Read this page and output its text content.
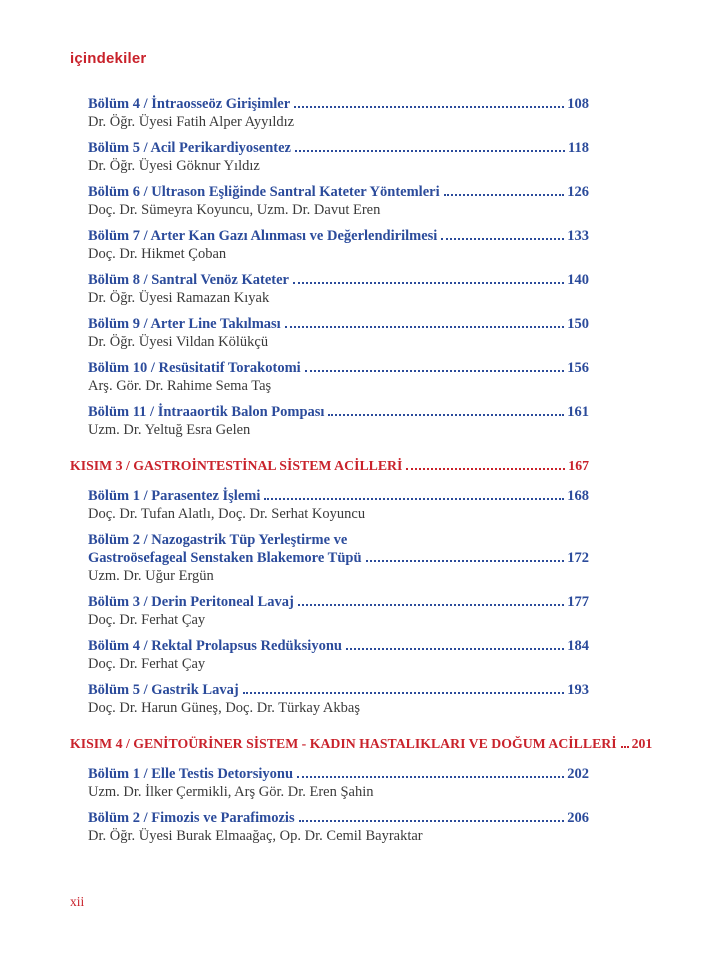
içindekiler
Bölüm 4 / İntraosseöz Girişimler	108
Dr. Öğr. Üyesi Fatih Alper Ayyıldız
Bölüm 5 / Acil Perikardiyosentez	118
Dr. Öğr. Üyesi Göknur Yıldız
Bölüm 6 / Ultrason Eşliğinde Santral Kateter Yöntemleri	126
Doç. Dr. Sümeyra Koyuncu, Uzm. Dr. Davut Eren
Bölüm 7 / Arter Kan Gazı Alınması ve Değerlendirilmesi	133
Doç. Dr. Hikmet Çoban
Bölüm 8 / Santral Venöz Kateter	140
Dr. Öğr. Üyesi Ramazan Kıyak
Bölüm 9 / Arter Line Takılması	150
Dr. Öğr. Üyesi Vildan Kölükçü
Bölüm 10 / Resüsitatif Torakotomi	156
Arş. Gör. Dr. Rahime Sema Taş
Bölüm 11 / İntraaortik Balon Pompası	161
Uzm. Dr. Yeltuğ Esra Gelen
KISIM 3 / GASTROİNTESTİNAL SİSTEM ACİLLERİ	167
Bölüm 1 / Parasentez İşlemi	168
Doç. Dr. Tufan Alatlı, Doç. Dr. Serhat Koyuncu
Bölüm 2 / Nazogastrik Tüp Yerleştirme ve
Gastroösefageal Senstaken Blakemore Tüpü	172
Uzm. Dr. Uğur Ergün
Bölüm 3 / Derin Peritoneal Lavaj	177
Doç. Dr. Ferhat Çay
Bölüm 4 / Rektal Prolapsus Redüksiyonu	184
Doç. Dr. Ferhat Çay
Bölüm 5 / Gastrik Lavaj	193
Doç. Dr. Harun Güneş, Doç. Dr. Türkay Akbaş
KISIM 4 / GENİTOÜRİNER SİSTEM - KADIN HASTALIKLARI VE DOĞUM ACİLLERİ 201
Bölüm 1 / Elle Testis Detorsiyonu	202
Uzm. Dr. İlker Çermikli, Arş Gör. Dr. Eren Şahin
Bölüm 2 / Fimozis ve Parafimozis	206
Dr. Öğr. Üyesi Burak Elmaağaç, Op. Dr. Cemil Bayraktar
xii
